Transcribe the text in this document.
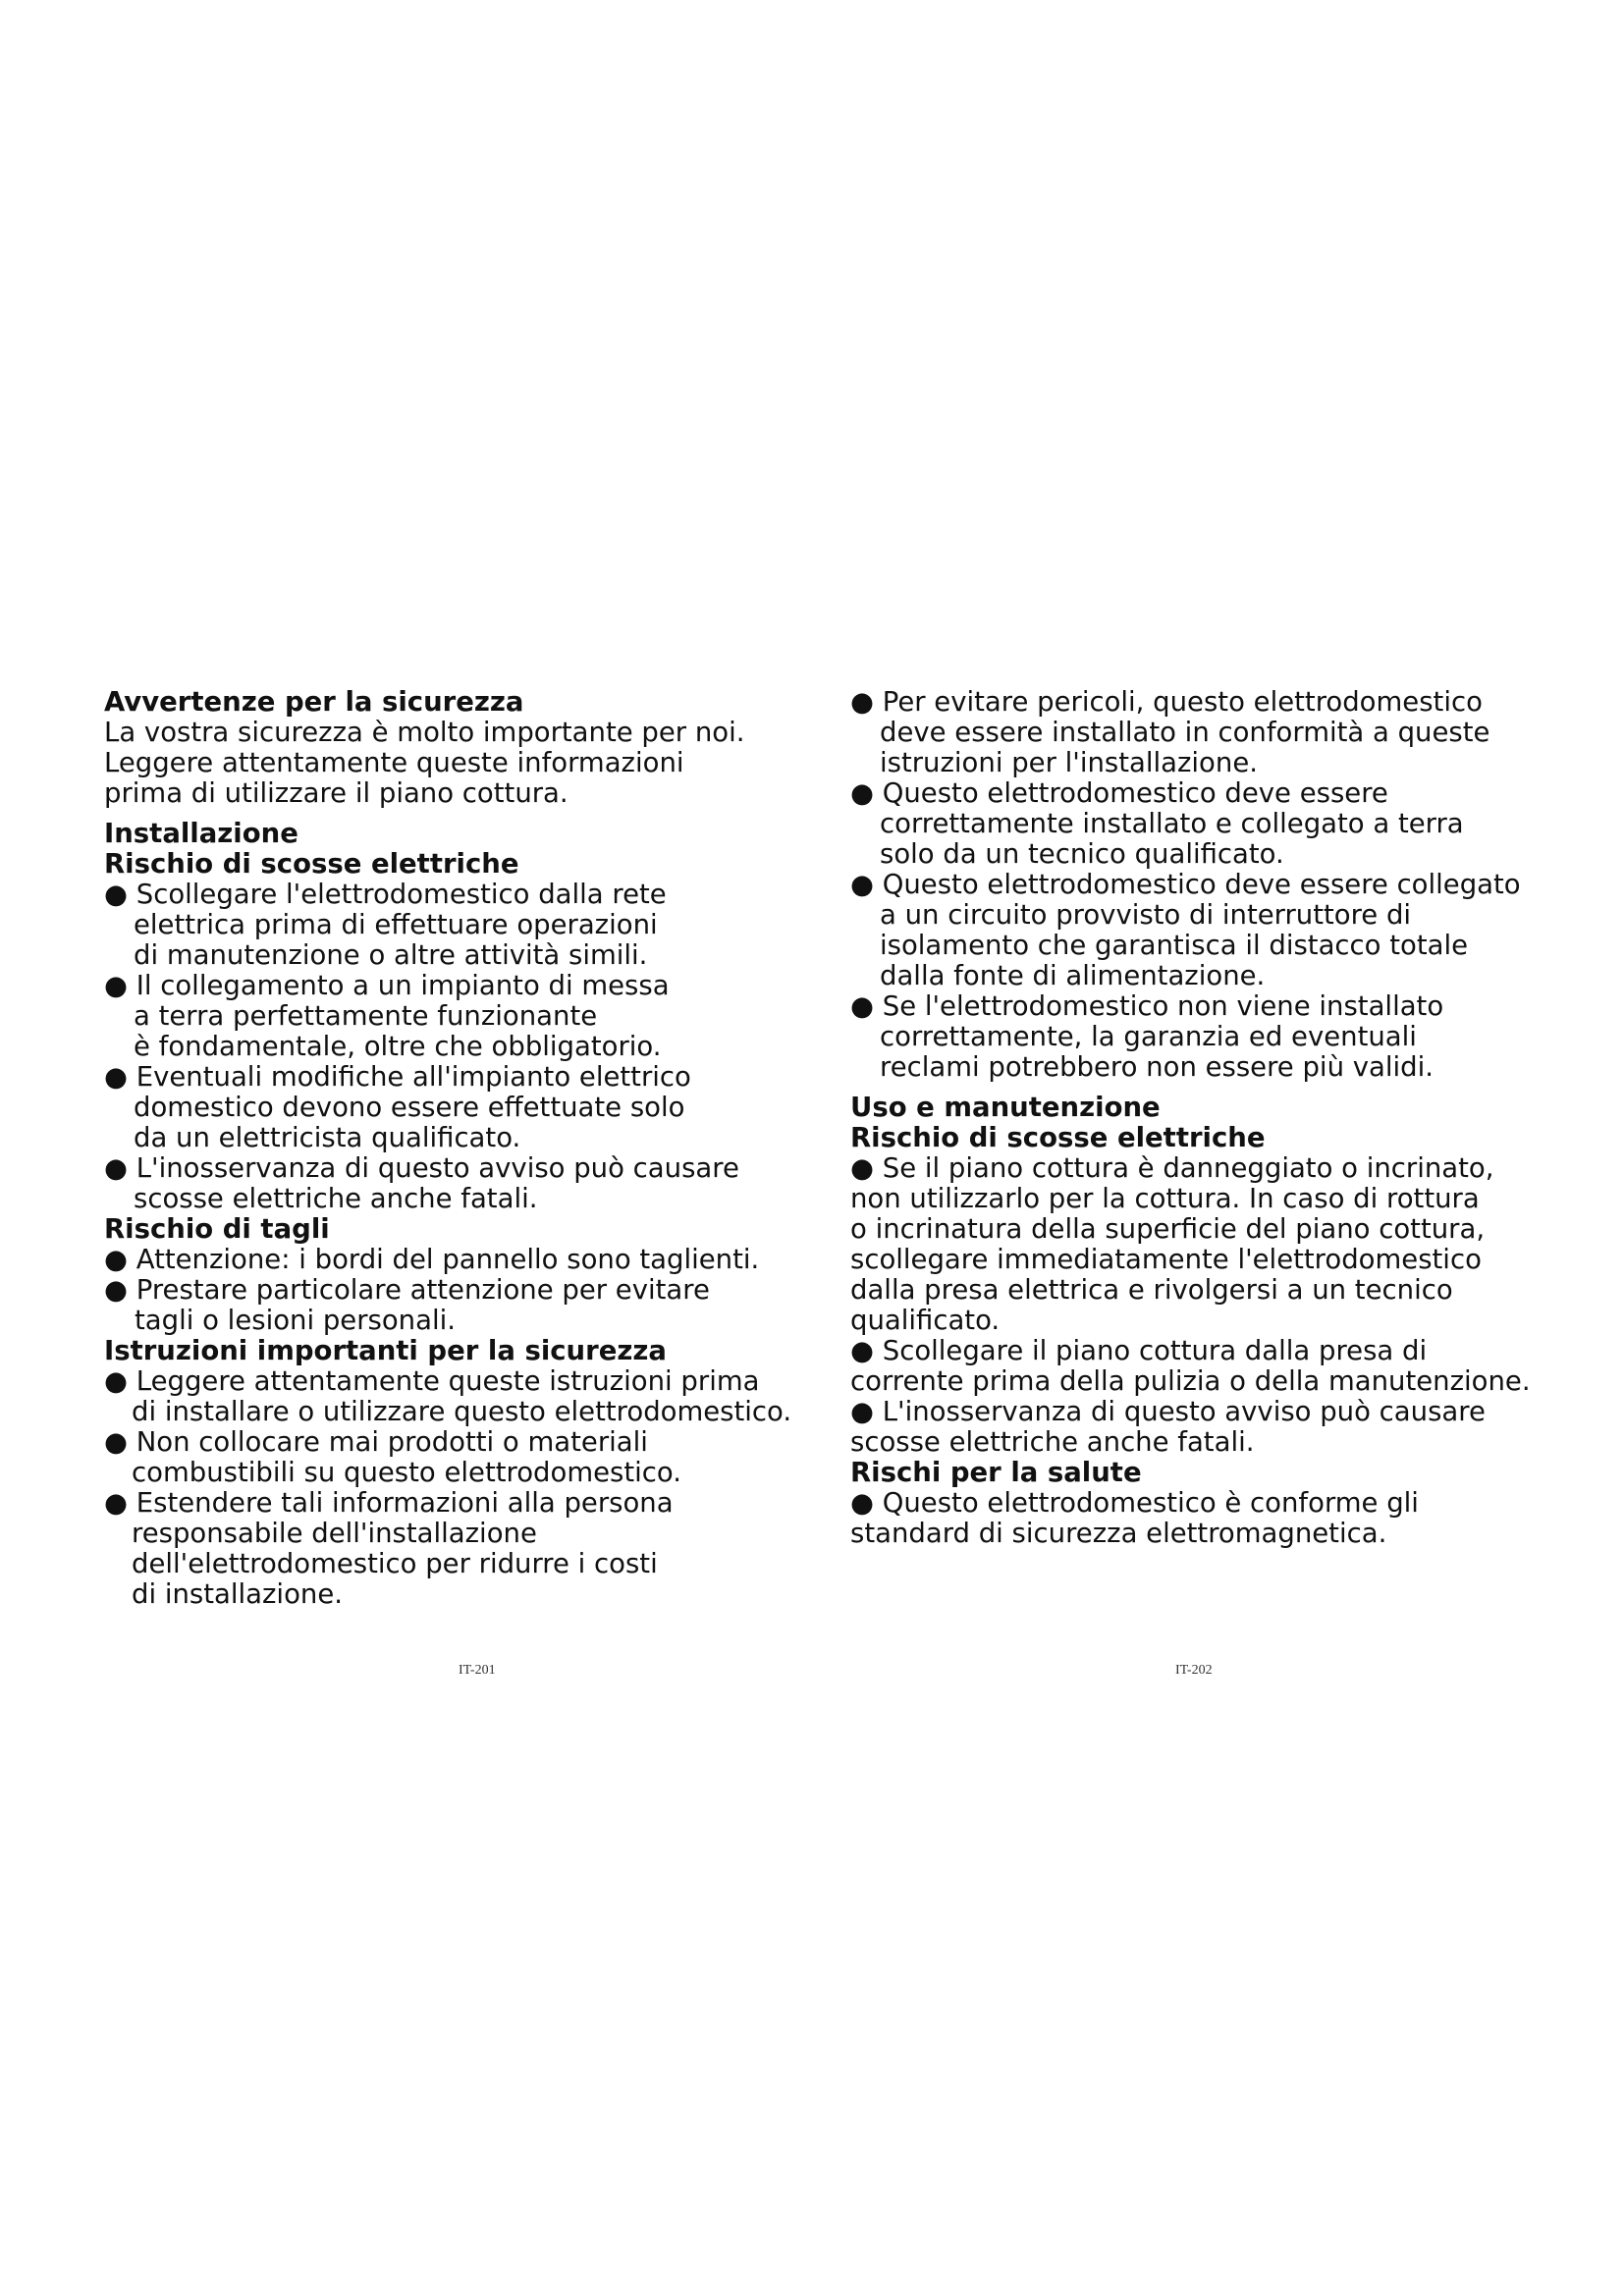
Avvertenze per la sicurezza
La vostra sicurezza è molto importante per noi.
Leggere attentamente queste informazioni
prima di utilizzare il piano cottura.
Installazione
Rischio di scosse elettriche
● Scollegare l'elettrodomestico dalla rete
elettrica prima di effettuare operazioni
di manutenzione o altre attività simili.
● Il collegamento a un impianto di messa
a terra perfettamente funzionante
è fondamentale, oltre che obbligatorio.
● Eventuali modifiche all'impianto elettrico
domestico devono essere effettuate solo
da un elettricista qualificato.
● L'inosservanza di questo avviso può causare
scosse elettriche anche fatali.
Rischio di tagli
● Attenzione: i bordi del pannello sono taglienti.
● Prestare particolare attenzione per evitare
tagli o lesioni personali.
Istruzioni importanti per la sicurezza
● Leggere attentamente queste istruzioni prima
di installare o utilizzare questo elettrodomestico.
● Non collocare mai prodotti o materiali
combustibili su questo elettrodomestico.
● Estendere tali informazioni alla persona
responsabile dell'installazione
dell'elettrodomestico per ridurre i costi
di installazione.
● Per evitare pericoli, questo elettrodomestico
deve essere installato in conformità a queste
istruzioni per l'installazione.
● Questo elettrodomestico deve essere
correttamente installato e collegato a terra
solo da un tecnico qualificato.
● Questo elettrodomestico deve essere collegato
a un circuito provvisto di interruttore di
isolamento che garantisca il distacco totale
dalla fonte di alimentazione.
● Se l'elettrodomestico non viene installato
correttamente, la garanzia ed eventuali
reclami potrebbero non essere più validi.
Uso e manutenzione
Rischio di scosse elettriche
● Se il piano cottura è danneggiato o incrinato,
non utilizzarlo per la cottura. In caso di rottura
o incrinatura della superficie del piano cottura,
scollegare immediatamente l'elettrodomestico
dalla presa elettrica e rivolgersi a un tecnico
qualificato.
● Scollegare il piano cottura dalla presa di
corrente prima della pulizia o della manutenzione.
● L'inosservanza di questo avviso può causare
scosse elettriche anche fatali.
Rischi per la salute
● Questo elettrodomestico è conforme gli
standard di sicurezza elettromagnetica.
IT-201	IT-202
